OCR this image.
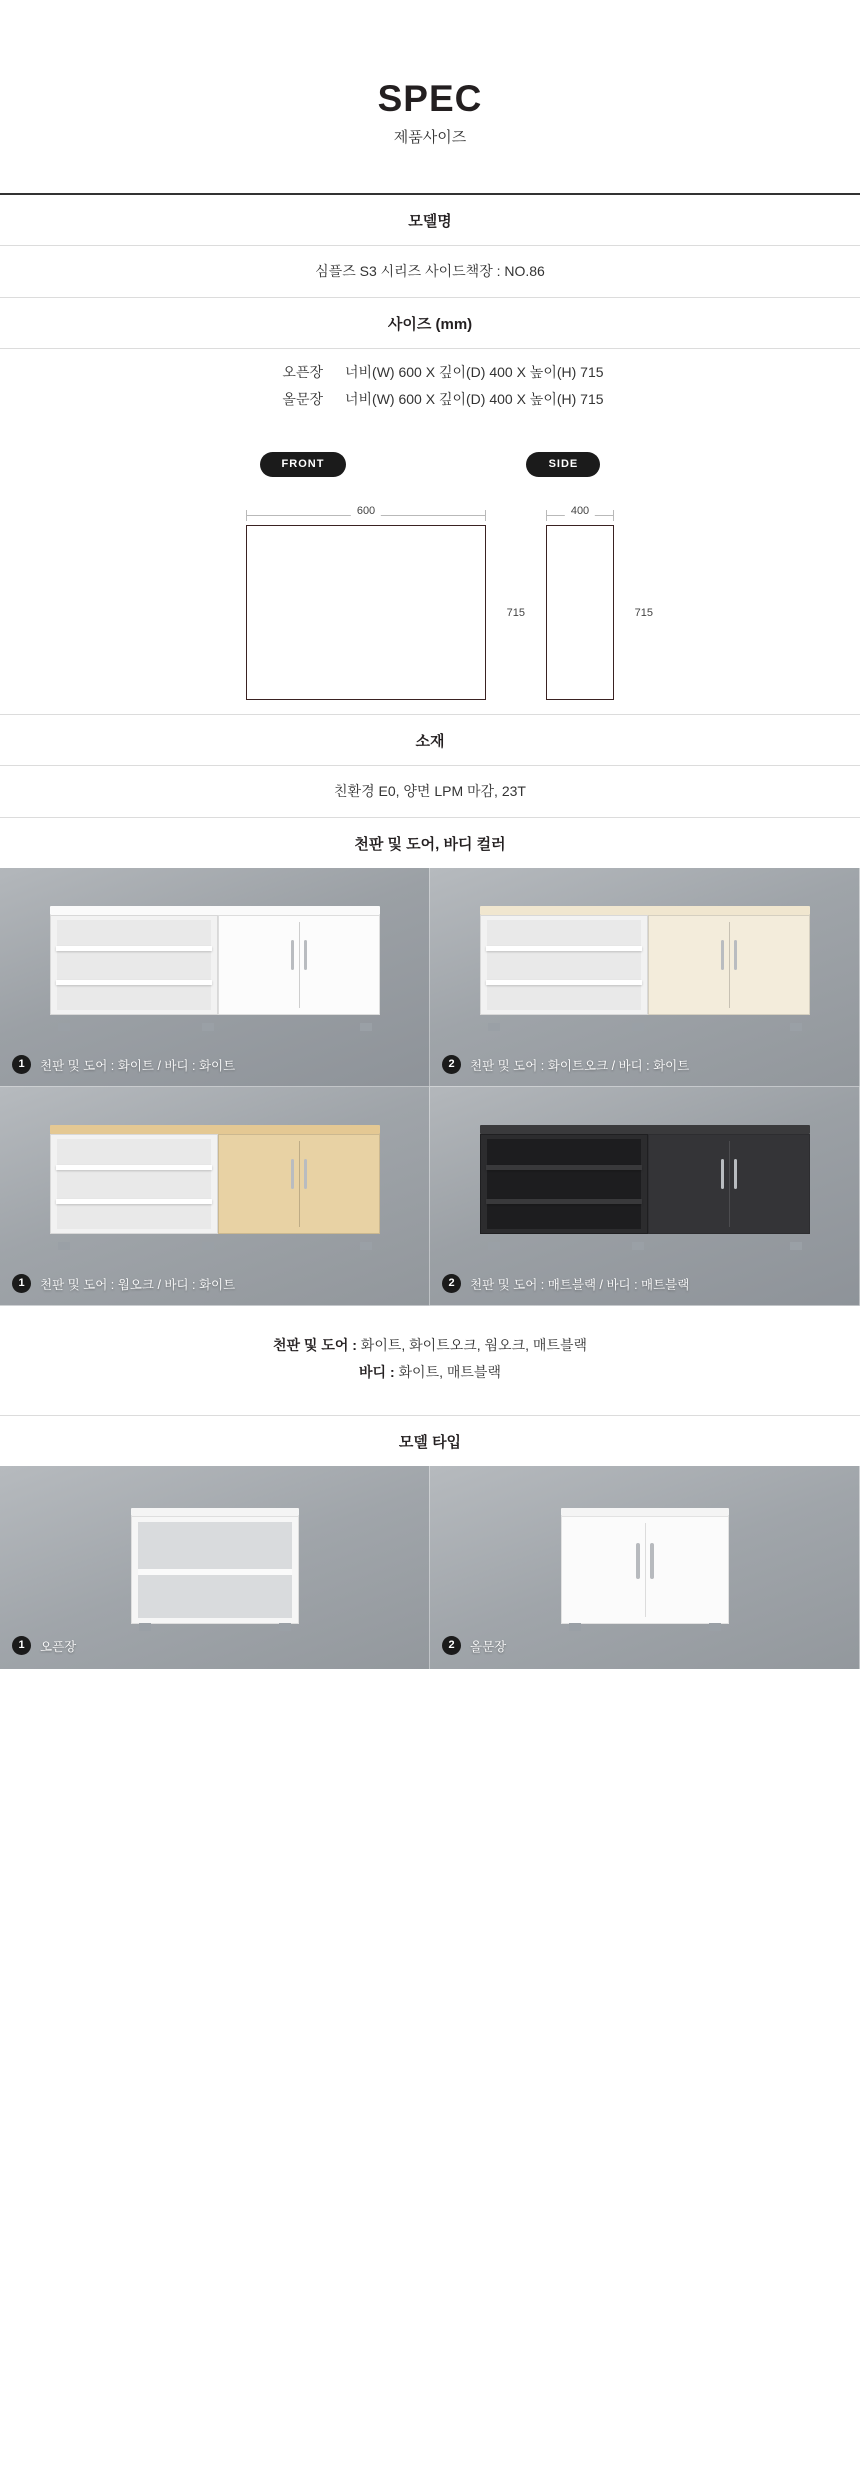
SPEC
제품사이즈
모델명
심플즈 S3 시리즈 사이드책장 : NO.86
사이즈 (mm)
오픈장	너비(W) 600 X 깊이(D) 400 X 높이(H) 715
올문장	너비(W) 600 X 깊이(D) 400 X 높이(H) 715
FRONT	SIDE
600
715
400
715
소재
친환경 E0, 양면 LPM 마감, 23T
천판 및 도어, 바디 컬러
1	천판 및 도어 : 화이트 / 바디 : 화이트	2	천판 및 도어 : 화이트오크 / 바디 : 화이트
1	천판 및 도어 : 웜오크 / 바디 : 화이트	2	천판 및 도어 : 매트블랙 / 바디 : 매트블랙
천판 및 도어 : 화이트, 화이트오크, 웜오크, 매트블랙
바디 : 화이트, 매트블랙
모델 타입
1	오픈장	2	올문장
